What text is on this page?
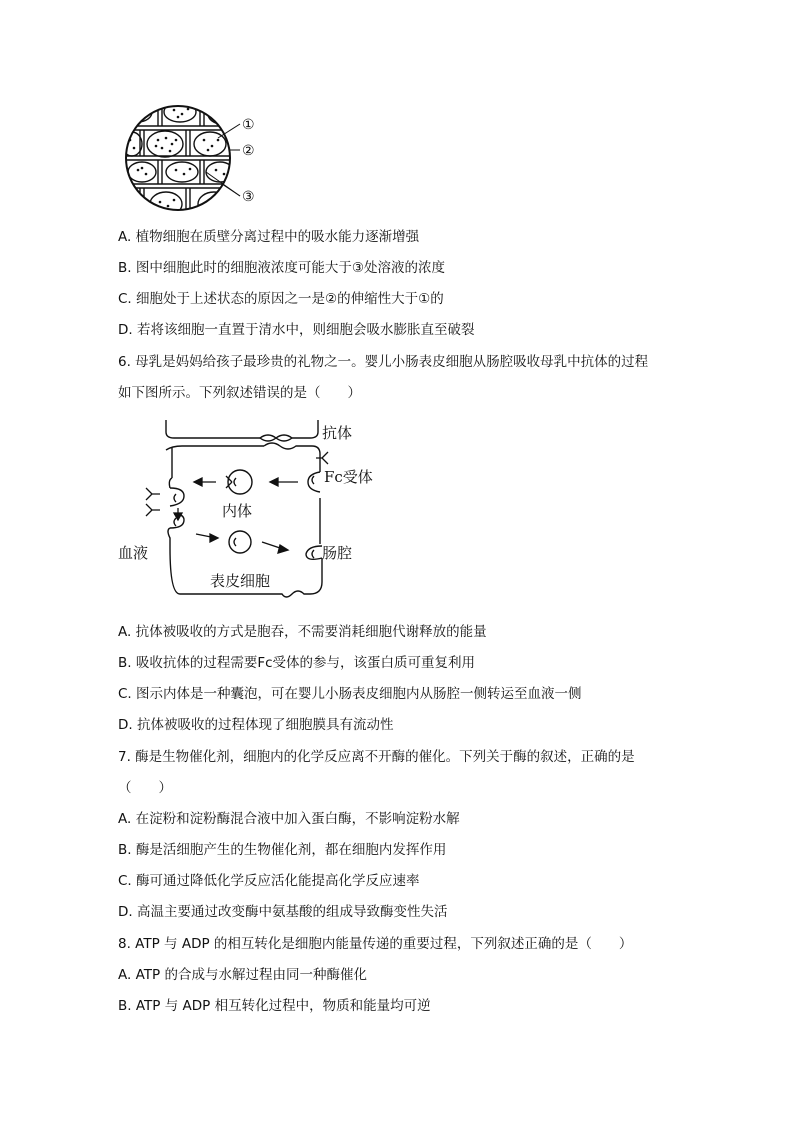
①
②
③
A. 植物细胞在质壁分离过程中的吸水能力逐渐增强
B. 图中细胞此时的细胞液浓度可能大于③处溶液的浓度
C. 细胞处于上述状态的原因之一是②的伸缩性大于①的
D. 若将该细胞一直置于清水中，则细胞会吸水膨胀直至破裂
6. 母乳是妈妈给孩子最珍贵的礼物之一。婴儿小肠表皮细胞从肠腔吸收母乳中抗体的过程
如下图所示。下列叙述错误的是（　　）
抗体
Fc受体
内体
血液	肠腔
表皮细胞
A. 抗体被吸收的方式是胞吞，不需要消耗细胞代谢释放的能量
B. 吸收抗体的过程需要Fc受体的参与，该蛋白质可重复利用
C. 图示内体是一种囊泡，可在婴儿小肠表皮细胞内从肠腔一侧转运至血液一侧
D. 抗体被吸收的过程体现了细胞膜具有流动性
7. 酶是生物催化剂，细胞内的化学反应离不开酶的催化。下列关于酶的叙述，正确的是
（　　）
A. 在淀粉和淀粉酶混合液中加入蛋白酶，不影响淀粉水解
B. 酶是活细胞产生的生物催化剂，都在细胞内发挥作用
C. 酶可通过降低化学反应活化能提高化学反应速率
D. 高温主要通过改变酶中氨基酸的组成导致酶变性失活
8. ATP 与 ADP 的相互转化是细胞内能量传递的重要过程，下列叙述正确的是（　　）
A. ATP 的合成与水解过程由同一种酶催化
B. ATP 与 ADP 相互转化过程中，物质和能量均可逆
